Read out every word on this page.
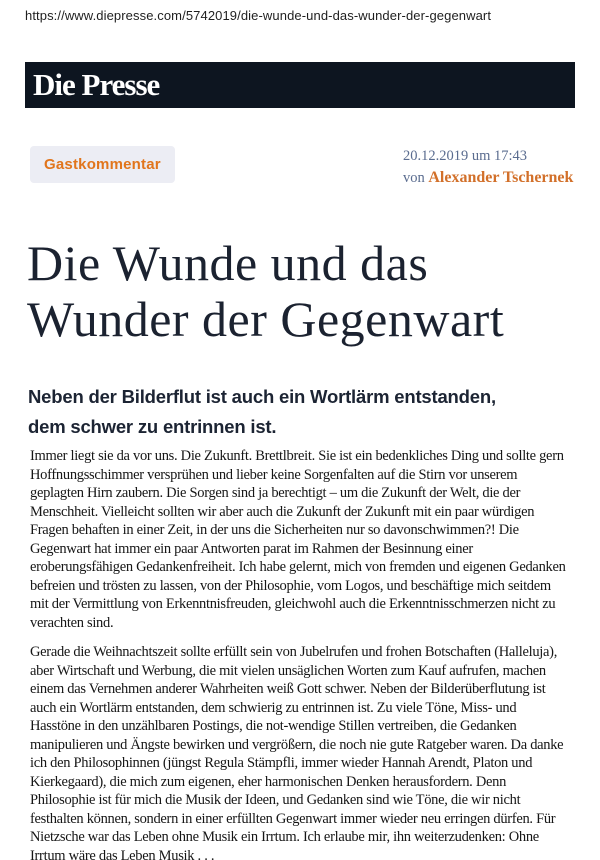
https://www.diepresse.com/5742019/die-wunde-und-das-wunder-der-gegenwart
Die Presse
Gastkommentar	20.12.2019 um 17:43
von Alexander Tschernek
Die Wunde und das
Wunder der Gegenwart
Neben der Bilderflut ist auch ein Wortlärm entstanden,
dem schwer zu entrinnen ist.

Immer liegt sie da vor uns. Die Zukunft. Brettlbreit. Sie ist ein bedenkliches Ding und sollte gern
Hoffnungsschimmer versprühen und lieber keine Sorgenfalten auf die Stirn vor unserem
geplagten Hirn zaubern. Die Sorgen sind ja berechtigt – um die Zukunft der Welt, die der
Menschheit. Vielleicht sollten wir aber auch die Zukunft der Zukunft mit ein paar würdigen
Fragen behaften in einer Zeit, in der uns die Sicherheiten nur so davonschwimmen?! Die
Gegenwart hat immer ein paar Antworten parat im Rahmen der Besinnung einer
eroberungsfähigen Gedankenfreiheit. Ich habe gelernt, mich von fremden und eigenen Gedanken
befreien und trösten zu lassen, von der Philosophie, vom Logos, und beschäftige mich seitdem
mit der Vermittlung von Erkenntnisfreuden, gleichwohl auch die Erkenntnisschmerzen nicht zu
verachten sind.

Gerade die Weihnachtszeit sollte erfüllt sein von Jubelrufen und frohen Botschaften (Halleluja),
aber Wirtschaft und Werbung, die mit vielen unsäglichen Worten zum Kauf aufrufen, machen
einem das Vernehmen anderer Wahrheiten weiß Gott schwer. Neben der Bilderüberflutung ist
auch ein Wortlärm entstanden, dem schwierig zu entrinnen ist. Zu viele Töne, Miss- und
Hasstöne in den unzählbaren Postings, die not-wendige Stillen vertreiben, die Gedanken
manipulieren und Ängste bewirken und vergrößern, die noch nie gute Ratgeber waren. Da danke
ich den Philosophinnen (jüngst Regula Stämpfli, immer wieder Hannah Arendt, Platon und
Kierkegaard), die mich zum eigenen, eher harmonischen Denken herausfordern. Denn
Philosophie ist für mich die Musik der Ideen, und Gedanken sind wie Töne, die wir nicht
festhalten können, sondern in einer erfüllten Gegenwart immer wieder neu erringen dürfen. Für
Nietzsche war das Leben ohne Musik ein Irrtum. Ich erlaube mir, ihn weiterzudenken: Ohne
Irrtum wäre das Leben Musik . . .
